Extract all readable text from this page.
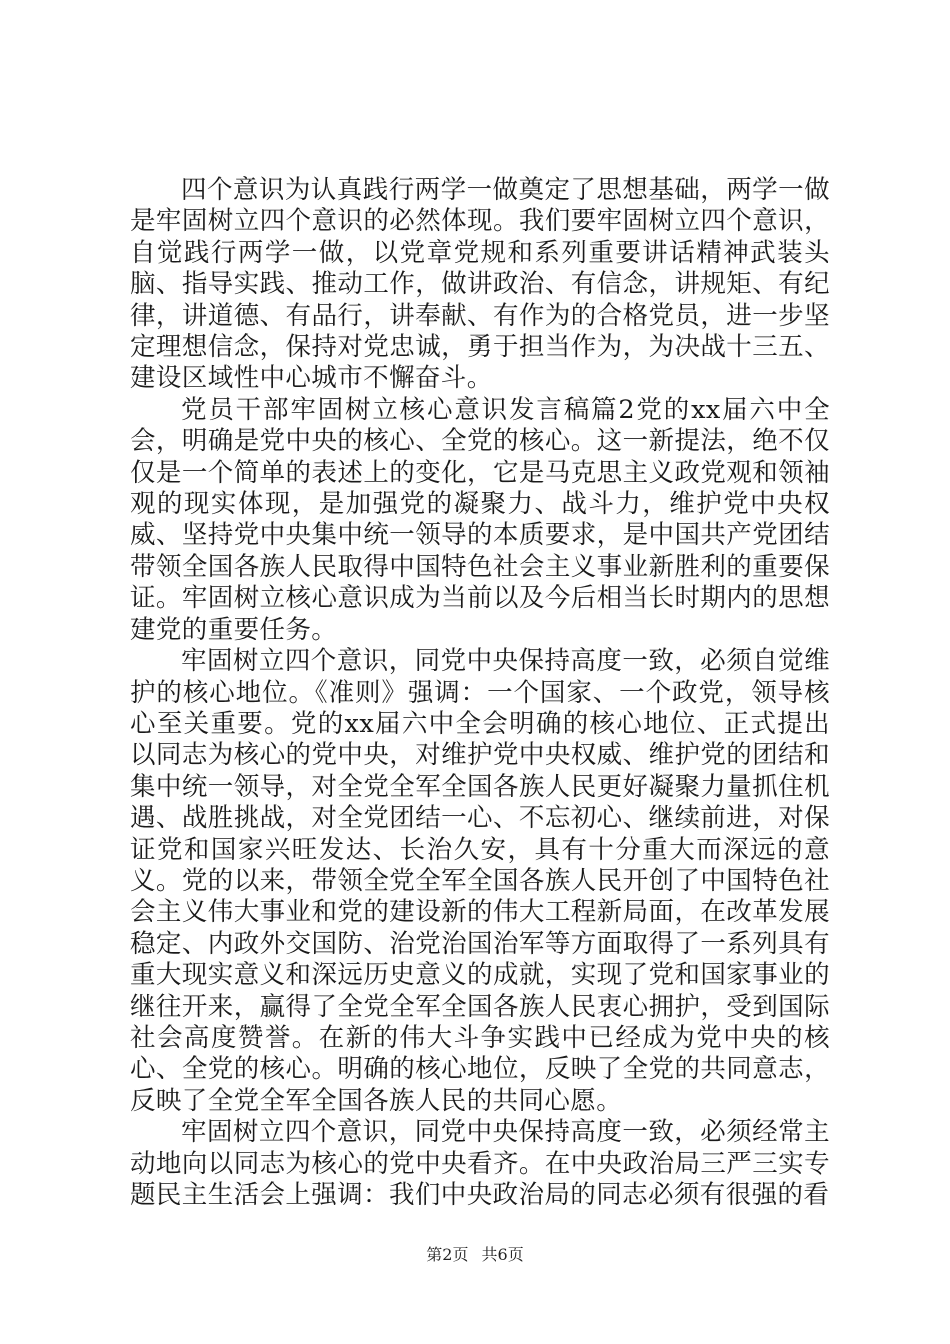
四个意识为认真践行两学一做奠定了思想基础，两学一做是牢固树立四个意识的必然体现。我们要牢固树立四个意识，自觉践行两学一做，以党章党规和系列重要讲话精神武装头脑、指导实践、推动工作，做讲政治、有信念，讲规矩、有纪律，讲道德、有品行，讲奉献、有作为的合格党员，进一步坚定理想信念，保持对党忠诚，勇于担当作为，为决战十三五、建设区域性中心城市不懈奋斗。

党员干部牢固树立核心意识发言稿篇2党的xx届六中全会，明确是党中央的核心、全党的核心。这一新提法，绝不仅仅是一个简单的表述上的变化，它是马克思主义政党观和领袖观的现实体现，是加强党的凝聚力、战斗力，维护党中央权威、坚持党中央集中统一领导的本质要求，是中国共产党团结带领全国各族人民取得中国特色社会主义事业新胜利的重要保证。牢固树立核心意识成为当前以及今后相当长时期内的思想建党的重要任务。

牢固树立四个意识，同党中央保持高度一致，必须自觉维护的核心地位。《准则》强调：一个国家、一个政党，领导核心至关重要。党的xx届六中全会明确的核心地位、正式提出以同志为核心的党中央，对维护党中央权威、维护党的团结和集中统一领导，对全党全军全国各族人民更好凝聚力量抓住机遇、战胜挑战，对全党团结一心、不忘初心、继续前进，对保证党和国家兴旺发达、长治久安，具有十分重大而深远的意义。党的以来，带领全党全军全国各族人民开创了中国特色社会主义伟大事业和党的建设新的伟大工程新局面，在改革发展稳定、内政外交国防、治党治国治军等方面取得了一系列具有重大现实意义和深远历史意义的成就，实现了党和国家事业的继往开来，赢得了全党全军全国各族人民衷心拥护，受到国际社会高度赞誉。在新的伟大斗争实践中已经成为党中央的核心、全党的核心。明确的核心地位，反映了全党的共同意志，反映了全党全军全国各族人民的共同心愿。

牢固树立四个意识，同党中央保持高度一致，必须经常主动地向以同志为核心的党中央看齐。在中央政治局三严三实专题民主生活会上强调：我们中央政治局的同志必须有很强的看

第2页 共6页
